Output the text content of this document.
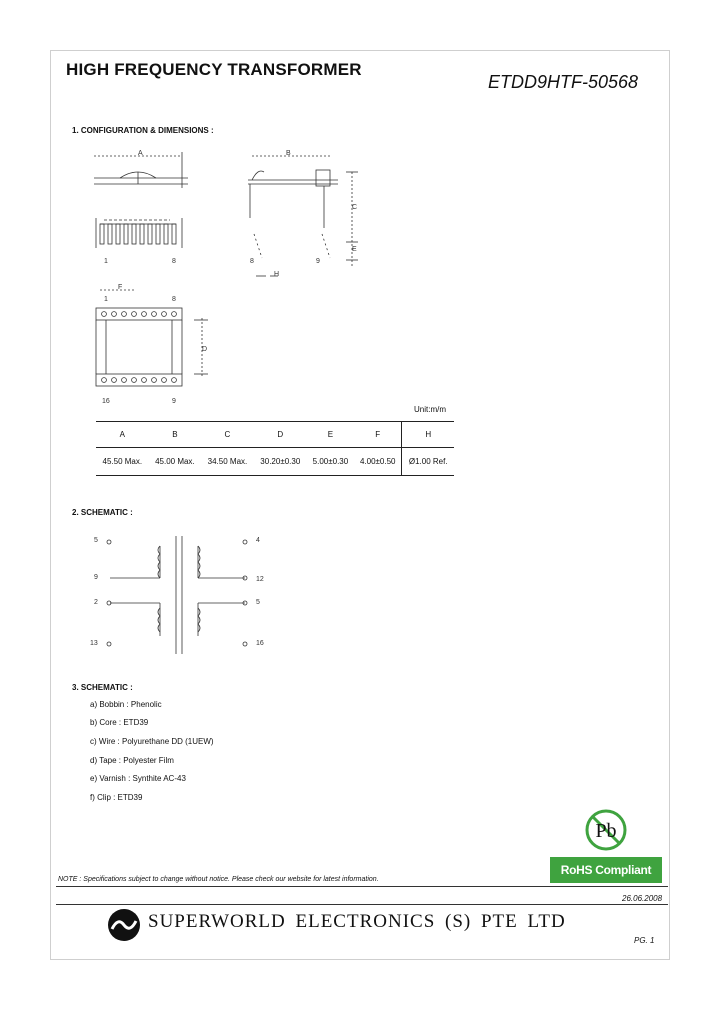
HIGH FREQUENCY TRANSFORMER
ETDD9HTF-50568
1. CONFIGURATION & DIMENSIONS :
A
1	8
B
C
E
8	9
H
F
1	8
D
16	9
Unit:m/m
A	B	C	D	E	F	H
45.50 Max.	45.00 Max.	34.50 Max.	30.20±0.30	5.00±0.30	4.00±0.50	Ø1.00 Ref.
2. SCHEMATIC :
5
9
2
13
4
12
5
16
3. SCHEMATIC :
a) Bobbin : Phenolic
b) Core : ETD39
c) Wire : Polyurethane DD (1UEW)
d) Tape : Polyester Film
e) Varnish : Synthite AC-43
f) Clip : ETD39
Pb
RoHS Compliant
NOTE : Specifications subject to change without notice. Please check our website for latest information.
26.06.2008
SUPERWORLD ELECTRONICS (S) PTE LTD
PG. 1
